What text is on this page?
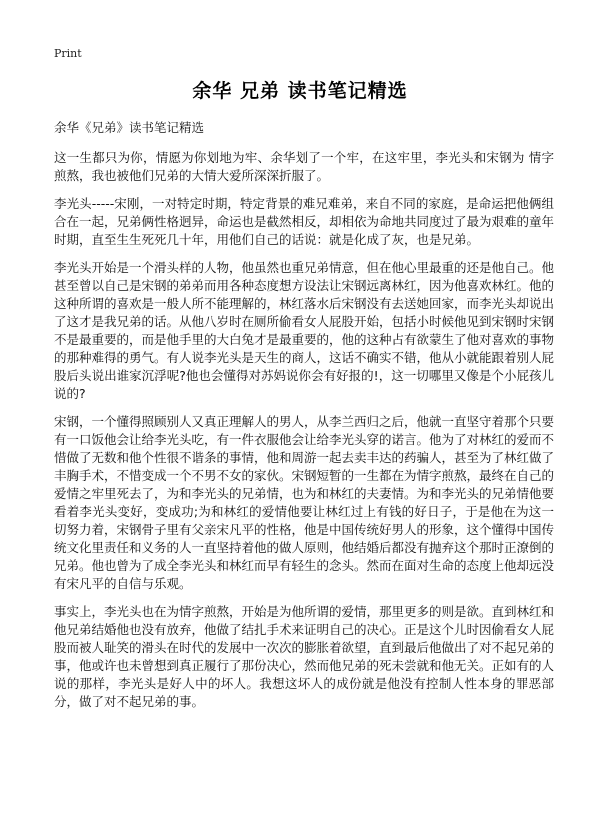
Print
余华 兄弟 读书笔记精选
余华《兄弟》读书笔记精选

这一生都只为你，情愿为你划地为牢、余华划了一个牢，在这牢里，李光头和宋钢为 情字煎熬，我也被他们兄弟的大情大爱所深深折服了。

李光头-----宋刚，一对特定时期，特定背景的难兄难弟，来自不同的家庭，是命运把他俩组合在一起，兄弟俩性格迥异，命运也是截然相反，却相依为命地共同度过了最为艰难的童年时期，直至生生死死几十年，用他们自己的话说：就是化成了灰，也是兄弟。

李光头开始是一个滑头样的人物，他虽然也重兄弟情意，但在他心里最重的还是他自己。他甚至曾以自己是宋钢的弟弟而用各种态度想方设法让宋钢远离林红，因为他喜欢林红。他的这种所谓的喜欢是一般人所不能理解的，林红落水后宋钢没有去送她回家，而李光头却说出了这才是我兄弟的话。从他八岁时在厕所偷看女人屁股开始，包括小时候他见到宋钢时宋钢不是最重要的，而是他手里的大白兔才是最重要的，他的这种占有欲蒙生了他对喜欢的事物的那种难得的勇气。有人说李光头是天生的商人，这话不确实不错，他从小就能跟着别人屁股后头说出谁家沉浮呢?他也会懂得对苏妈说你会有好报的!，这一切哪里又像是个小屁孩儿说的?

宋钢，一个懂得照顾别人又真正理解人的男人，从李兰西归之后，他就一直坚守着那个只要有一口饭他会让给李光头吃，有一件衣服他会让给李光头穿的诺言。他为了对林红的爱而不惜做了无数和他个性很不谐条的事情，他和周游一起去卖丰达的药骗人，甚至为了林红做了丰胸手术，不惜变成一个不男不女的家伙。宋钢短暂的一生都在为情字煎熬，最终在自己的爱情之牢里死去了，为和李光头的兄弟情，也为和林红的夫妻情。为和李光头的兄弟情他要看着李光头变好，变成功;为和林红的爱情他要让林红过上有钱的好日子，于是他在为这一切努力着，宋钢骨子里有父亲宋凡平的性格，他是中国传统好男人的形象，这个懂得中国传统文化里责任和义务的人一直坚持着他的做人原则，他结婚后都没有抛弃这个那时正潦倒的兄弟。他也曾为了成全李光头和林红而早有轻生的念头。然而在面对生命的态度上他却远没有宋凡平的自信与乐观。

事实上，李光头也在为情字煎熬，开始是为他所谓的爱情，那里更多的则是欲。直到林红和他兄弟结婚他也没有放弃，他做了结扎手术来证明自己的决心。正是这个儿时因偷看女人屁股而被人耻笑的滑头在时代的发展中一次次的膨胀着欲望，直到最后他做出了对不起兄弟的事，他或许也未曾想到真正履行了那份决心，然而他兄弟的死未尝就和他无关。正如有的人说的那样，李光头是好人中的坏人。我想这坏人的成份就是他没有控制人性本身的罪恶部分，做了对不起兄弟的事。
